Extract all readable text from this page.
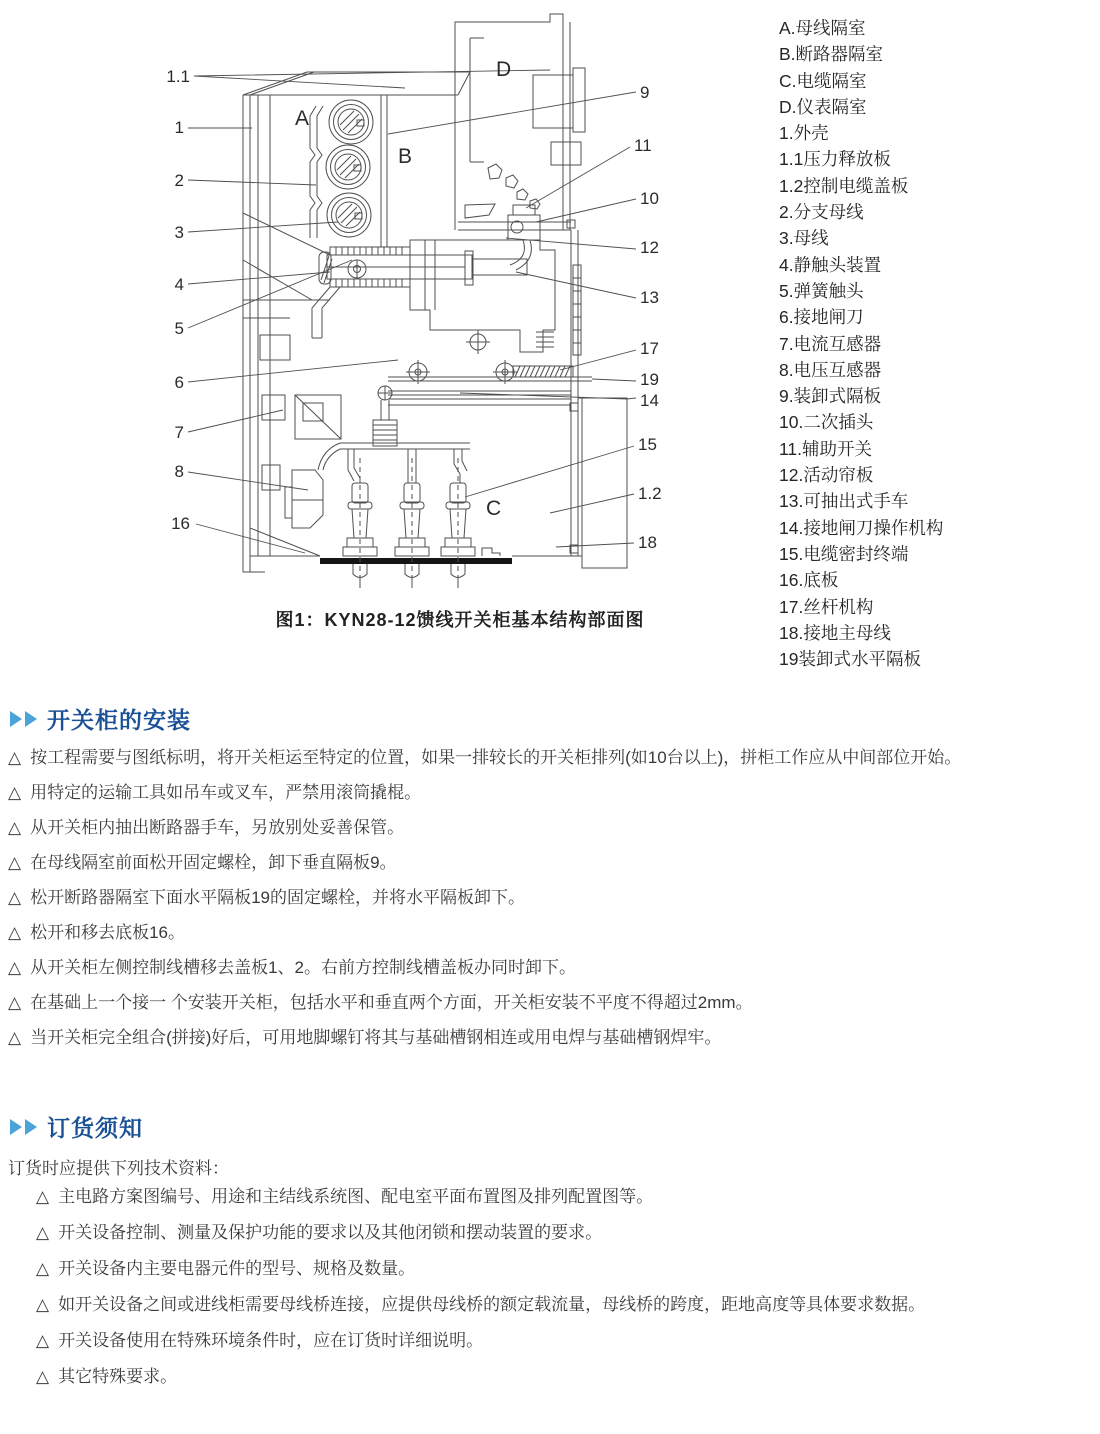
1.1
1
2
3
4
5
6
7
8
16
9
11
10
12
13
17
19
14
15
1.2
18
A
B
C
D
A.母线隔室
B.断路器隔室
C.电缆隔室
D.仪表隔室
1.外壳
1.1压力释放板
1.2控制电缆盖板
2.分支母线
3.母线
4.静触头装置
5.弹簧触头
6.接地闸刀
7.电流互感器
8.电压互感器
9.装卸式隔板
10.二次插头
11.辅助开关
12.活动帘板
13.可抽出式手车
14.接地闸刀操作机构
15.电缆密封终端
16.底板
17.丝杆机构
18.接地主母线
19装卸式水平隔板
图1：KYN28-12馈线开关柜基本结构部面图
开关柜的安装
△ 按工程需要与图纸标明，将开关柜运至特定的位置，如果一排较长的开关柜排列(如10台以上)，拼柜工作应从中间部位开始。
△ 用特定的运输工具如吊车或叉车，严禁用滚筒撬棍。
△ 从开关柜内抽出断路器手车，另放别处妥善保管。
△ 在母线隔室前面松开固定螺栓，卸下垂直隔板9。
△ 松开断路器隔室下面水平隔板19的固定螺栓，并将水平隔板卸下。
△ 松开和移去底板16。
△ 从开关柜左侧控制线槽移去盖板1、2。右前方控制线槽盖板办同时卸下。
△ 在基础上一个接一 个安装开关柜，包括水平和垂直两个方面，开关柜安装不平度不得超过2mm。
△ 当开关柜完全组合(拼接)好后，可用地脚螺钉将其与基础槽钢相连或用电焊与基础槽钢焊牢。
订货须知
订货时应提供下列技术资料：
△ 主电路方案图编号、用途和主结线系统图、配电室平面布置图及排列配置图等。
△ 开关设备控制、测量及保护功能的要求以及其他闭锁和摆动装置的要求。
△ 开关设备内主要电器元件的型号、规格及数量。
△ 如开关设备之间或进线柜需要母线桥连接，应提供母线桥的额定载流量，母线桥的跨度，距地高度等具体要求数据。
△ 开关设备使用在特殊环境条件时，应在订货时详细说明。
△ 其它特殊要求。
